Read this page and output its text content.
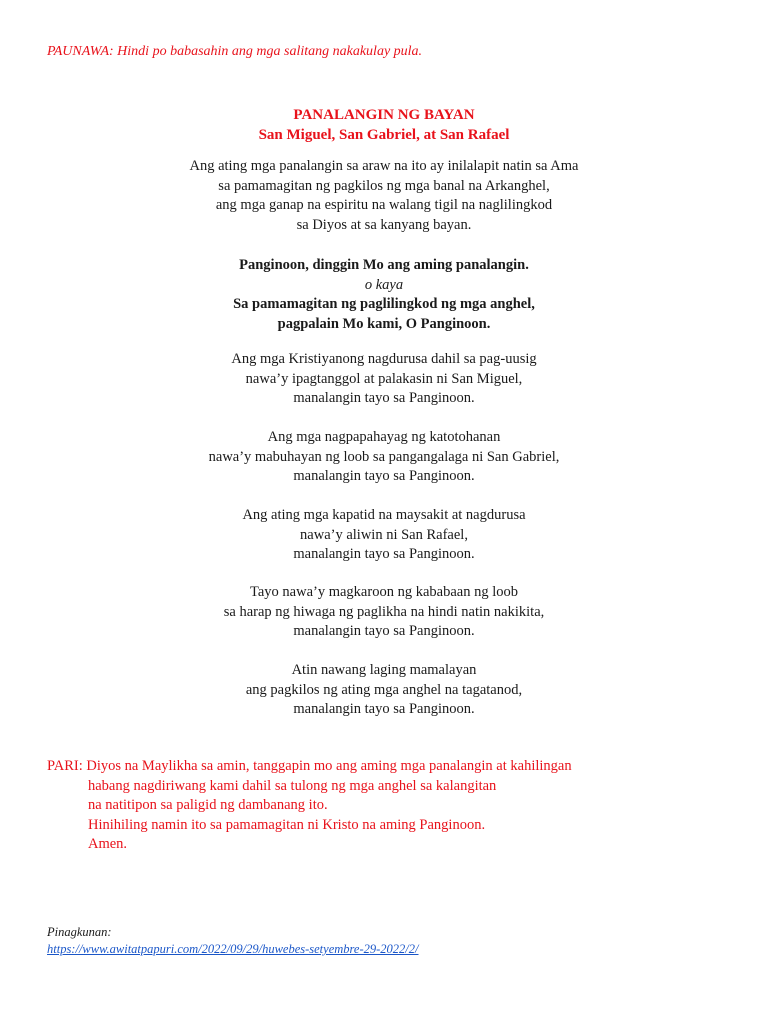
PAUNAWA: Hindi po babasahin ang mga salitang nakakulay pula.
PANALANGIN NG BAYAN
San Miguel, San Gabriel, at San Rafael
Ang ating mga panalangin sa araw na ito ay inilalapit natin sa Ama
sa pamamagitan ng pagkilos ng mga banal na Arkanghel,
ang mga ganap na espiritu na walang tigil na naglilingkod
sa Diyos at sa kanyang bayan.
Panginoon, dinggin Mo ang aming panalangin.
o kaya
Sa pamamagitan ng paglilingkod ng mga anghel,
pagpalain Mo kami, O Panginoon.
Ang mga Kristiyanong nagdurusa dahil sa pag-uusig
nawa’y ipagtanggol at palakasin ni San Miguel,
manalangin tayo sa Panginoon.
Ang mga nagpapahayag ng katotohanan
nawa’y mabuhayan ng loob sa pangangalaga ni San Gabriel,
manalangin tayo sa Panginoon.
Ang ating mga kapatid na maysakit at nagdurusa
nawa’y aliwin ni San Rafael,
manalangin tayo sa Panginoon.
Tayo nawa’y magkaroon ng kababaan ng loob
sa harap ng hiwaga ng paglikha na hindi natin nakikita,
manalangin tayo sa Panginoon.
Atin nawang laging mamalayan
ang pagkilos ng ating mga anghel na tagatanod,
manalangin tayo sa Panginoon.
PARI: Diyos na Maylikha sa amin, tanggapin mo ang aming mga panalangin at kahilingan
habang nagdiriwang kami dahil sa tulong ng mga anghel sa kalangitan
na natitipon sa paligid ng dambanang ito.
Hinihiling namin ito sa pamamagitan ni Kristo na aming Panginoon.
Amen.
Pinagkunan:
https://www.awitatpapuri.com/2022/09/29/huwebes-setyembre-29-2022/2/
